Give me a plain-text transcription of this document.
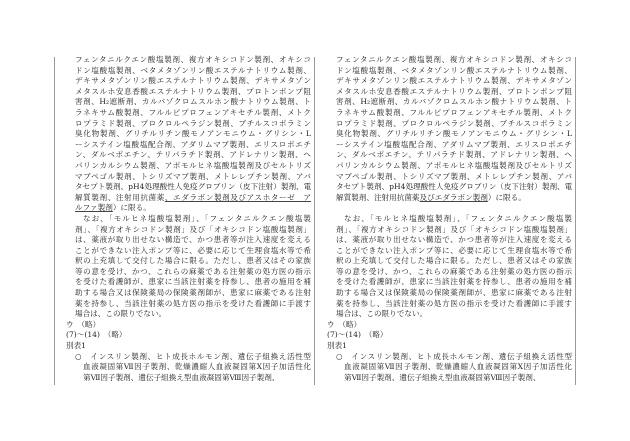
フェンタニルクエン酸塩製剤、複方オキシコドン製剤、オキシコ
ドン塩酸塩製剤、ベタメタゾンリン酸エステルナトリウム製剤、
デキサメタゾンリン酸エステルナトリウム製剤、デキサメタゾン
メタスルホ安息香酸エステルナトリウム製剤、プロトンポンプ阻
害剤、H₂遮断剤、カルバゾクロムスルホン酸ナトリウム製剤、ト
ラネキサム酸製剤、フルルビプロフェンアキセチル製剤、メトク
ロプラミド製剤、プロクロルペラジン製剤、ブチルスコポラミン
臭化物製剤、グリチルリチン酸モノアンモニウム・グリシン・L
ーシステイン塩酸塩配合剤、アダリムマブ製剤、エリスロポエチ
ン、ダルベポエチン、テリパラチド製剤、アドレナリン製剤、ヘ
パリンカルシウム製剤、アポモルヒネ塩酸塩製剤及びセルトリズ
マブペゴル製剤、トシリズマブ製剤、メトレレプチン製剤、アバ
タセプト製剤、pH4処理酸性人免疫グロブリン（皮下注射）製剤、電
解質製剤、注射用抗菌薬、エダラボン製剤及びアスホターゼ　ア
ルファ製剤）に限る。
なお、「モルヒネ塩酸塩製剤」、「フェンタニルクエン酸塩製
剤」、「複方オキシコドン製剤」及び「オキシコドン塩酸塩製剤」
は、薬液が取り出せない構造で、かつ患者等が注入速度を変える
ことができない注入ポンプ等に、必要に応じて生理食塩水等で希
釈の上充填して交付した場合に限る。ただし、患者又はその家族
等の意を受け、かつ、これらの麻薬である注射薬の処方医の指示
を受けた看護師が、患家に当該注射薬を持参し、患者の施用を補
助する場合又は保険薬局の保険薬剤師が、患家に麻薬である注射
薬を持参し、当該注射薬の処方医の指示を受けた看護師に手渡す
場合は、この限りでない。
ウ　（略）
(7)～(14)　（略）
別表1
○　インスリン製剤、ヒト成長ホルモン剤、遺伝子組換え活性型
血液凝固第Ⅶ因子製剤、乾燥濃縮人血液凝固第Ⅹ因子加活性化
第Ⅶ因子製剤、遺伝子組換え型血液凝固第Ⅷ因子製剤、
フェンタニルクエン酸塩製剤、複方オキシコドン製剤、オキシコ
ドン塩酸塩製剤、ベタメタゾンリン酸エステルナトリウム製剤、
デキサメタゾンリン酸エステルナトリウム製剤、デキサメタゾン
メタスルホ安息香酸エステルナトリウム製剤、プロトンポンプ阻
害剤、H₂遮断剤、カルバゾクロムスルホン酸ナトリウム製剤、ト
ラネキサム酸製剤、フルルビプロフェンアキセチル製剤、メトク
ロプラミド製剤、プロクロルペラジン製剤、ブチルスコポラミン
臭化物製剤、グリチルリチン酸モノアンモニウム・グリシン・L
ーシステイン塩酸塩配合剤、アダリムマブ製剤、エリスロポエチ
ン、ダルベポエチン、テリパラチド製剤、アドレナリン製剤、ヘ
パリンカルシウム製剤、アポモルヒネ塩酸塩製剤及びセルトリズ
マブペゴル製剤、トシリズマブ製剤、メトレレプチン製剤、アバ
タセプト製剤、pH4処理酸性人免疫グロブリン（皮下注射）製剤、電
解質製剤、注射用抗菌薬及びエダラボン製剤）に限る。

なお、「モルヒネ塩酸塩製剤」、「フェンタニルクエン酸塩製
剤」、「複方オキシコドン製剤」及び「オキシコドン塩酸塩製剤」
は、薬液が取り出せない構造で、かつ患者等が注入速度を変える
ことができない注入ポンプ等に、必要に応じて生理食塩水等で希
釈の上充填して交付した場合に限る。ただし、患者又はその家族
等の意を受け、かつ、これらの麻薬である注射薬の処方医の指示
を受けた看護師が、患家に当該注射薬を持参し、患者の施用を補
助する場合又は保険薬局の保険薬剤師が、患家に麻薬である注射
薬を持参し、当該注射薬の処方医の指示を受けた看護師に手渡す
場合は、この限りでない。
ウ　（略）
(7)～(14)　（略）
別表1
○　インスリン製剤、ヒト成長ホルモン剤、遺伝子組換え活性型
血液凝固第Ⅶ因子製剤、乾燥濃縮人血液凝固第Ⅹ因子加活性化
第Ⅶ因子製剤、遺伝子組換え型血液凝固第Ⅷ因子製剤、
